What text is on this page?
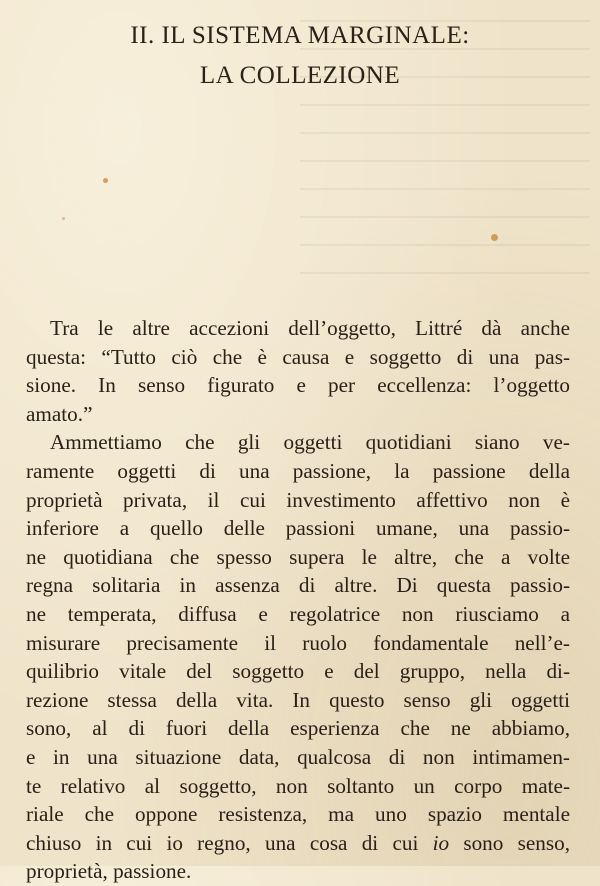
II. IL SISTEMA MARGINALE:
LA COLLEZIONE
Tra le altre accezioni dell’oggetto, Littré dà anche
questa: “Tutto ciò che è causa e soggetto di una pas-
sione. In senso figurato e per eccellenza: l’oggetto
amato.”
Ammettiamo che gli oggetti quotidiani siano ve-
ramente oggetti di una passione, la passione della
proprietà privata, il cui investimento affettivo non è
inferiore a quello delle passioni umane, una passio-
ne quotidiana che spesso supera le altre, che a volte
regna solitaria in assenza di altre. Di questa passio-
ne temperata, diffusa e regolatrice non riusciamo a
misurare precisamente il ruolo fondamentale nell’e-
quilibrio vitale del soggetto e del gruppo, nella di-
rezione stessa della vita. In questo senso gli oggetti
sono, al di fuori della esperienza che ne abbiamo,
e in una situazione data, qualcosa di non intimamen-
te relativo al soggetto, non soltanto un corpo mate-
riale che oppone resistenza, ma uno spazio mentale
chiuso in cui io regno, una cosa di cui io sono senso,
proprietà, passione.
